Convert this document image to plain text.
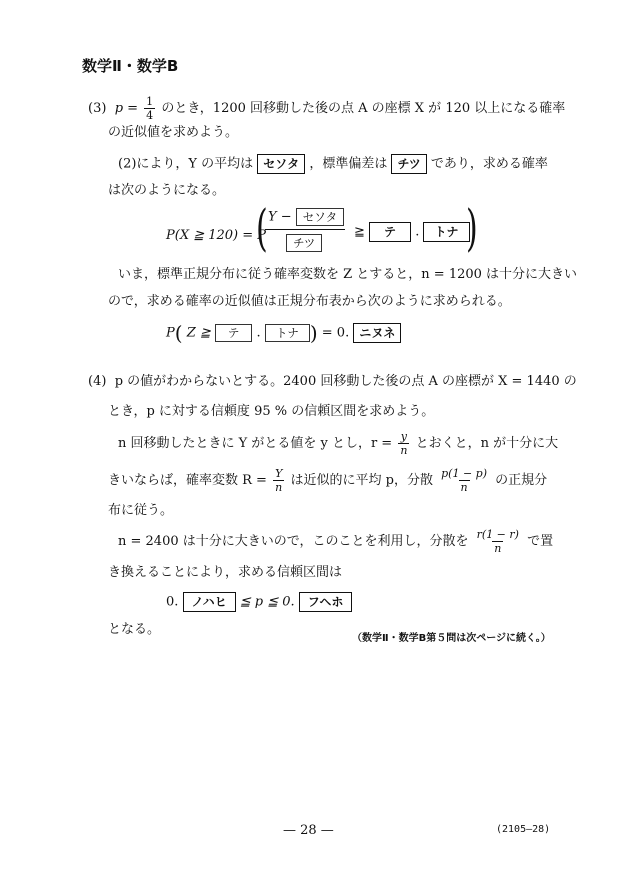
数学Ⅱ・数学B
(3) $p = \frac{1}{4}$ のとき，1200 回移動した後の点 A の座標 X が 120 以上になる確率
の近似値を求めよう。
(2)により，Y の平均は セソタ ，標準偏差は チツ であり，求める確率
は次のようになる。
P(X ≧ 120) = P
( Y − セソタ
チツ
≧ テ . トナ )
いま，標準正規分布に従う確率変数を Z とすると，n = 1200 は十分に大きい
ので，求める確率の近似値は正規分布表から次のように求められる。
P( Z ≧ テ . トナ ) = 0. ニヌネ
(4) p の値がわからないとする。2400 回移動した後の点 A の座標が X = 1440 の
とき，p に対する信頼度 95 % の信頼区間を求めよう。
n 回移動したときに Y がとる値を y とし，$r = \frac{y}{n}$ とおくと，n が十分に大
きいならば，確率変数 $R = \frac{Y}{n}$ は近似的に平均 p，分散 $\frac{p(1 - p)}{n}$ の正規分
布に従う。
n = 2400 は十分に大きいので，このことを利用し，分散を $\frac{r(1 - r)}{n}$ で置
き換えることにより，求める信頼区間は
0. ノハヒ ≦ p ≦ 0. フヘホ
となる。
（数学Ⅱ・数学B第５問は次ページに続く。）
— 28 —	(2105—28)
